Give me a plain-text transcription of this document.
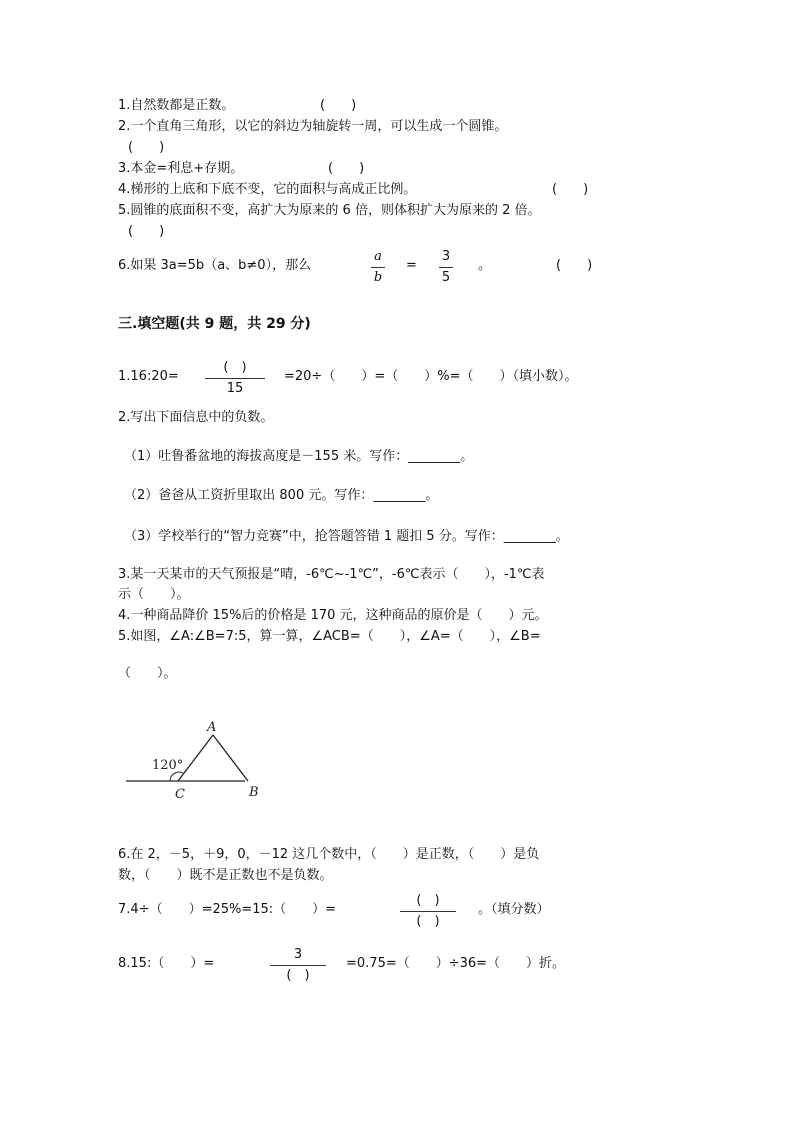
1.自然数都是正数。	(　　)
2.一个直角三角形，以它的斜边为轴旋转一周，可以生成一个圆锥。
(　　)
3.本金=利息+存期。	(　　)
4.梯形的上底和下底不变，它的面积与高成正比例。	(　　)
5.圆锥的底面积不变，高扩大为原来的 6 倍，则体积扩大为原来的 2 倍。
(　　)
6.如果 3a=5b（a、b≠0），那么
a
b
=
3
5
。	(　　)
三.填空题(共 9 题，共 29 分)
1.16:20=
(　)
15
=20÷（　　）=（　　）%=（　　）（填小数）。
2.写出下面信息中的负数。
（1）吐鲁番盆地的海拔高度是－155 米。写作：________。
（2）爸爸从工资折里取出 800 元。写作：________。
（3）学校举行的“智力竞赛”中，抢答题答错 1 题扣 5 分。写作：________。
3.某一天某市的天气预报是“晴，-6℃~-1℃”，-6℃表示（　　），-1℃表
示（　　）。
4.一种商品降价 15%后的价格是 170 元，这种商品的原价是（　　）元。
5.如图，∠A:∠B=7:5，算一算，∠ACB=（　　），∠A=（　　），∠B=
（　　）。
120°
A
B
C
6.在 2，－5，＋9，0，－12 这几个数中，（　　）是正数，（　　）是负
数，（　　）既不是正数也不是负数。
7.4÷（　　）=25%=15:（　　）=
(　)
(　)
。（填分数）
8.15:（　　）=
3
(　)
=0.75=（　　）÷36=（　　）折。
